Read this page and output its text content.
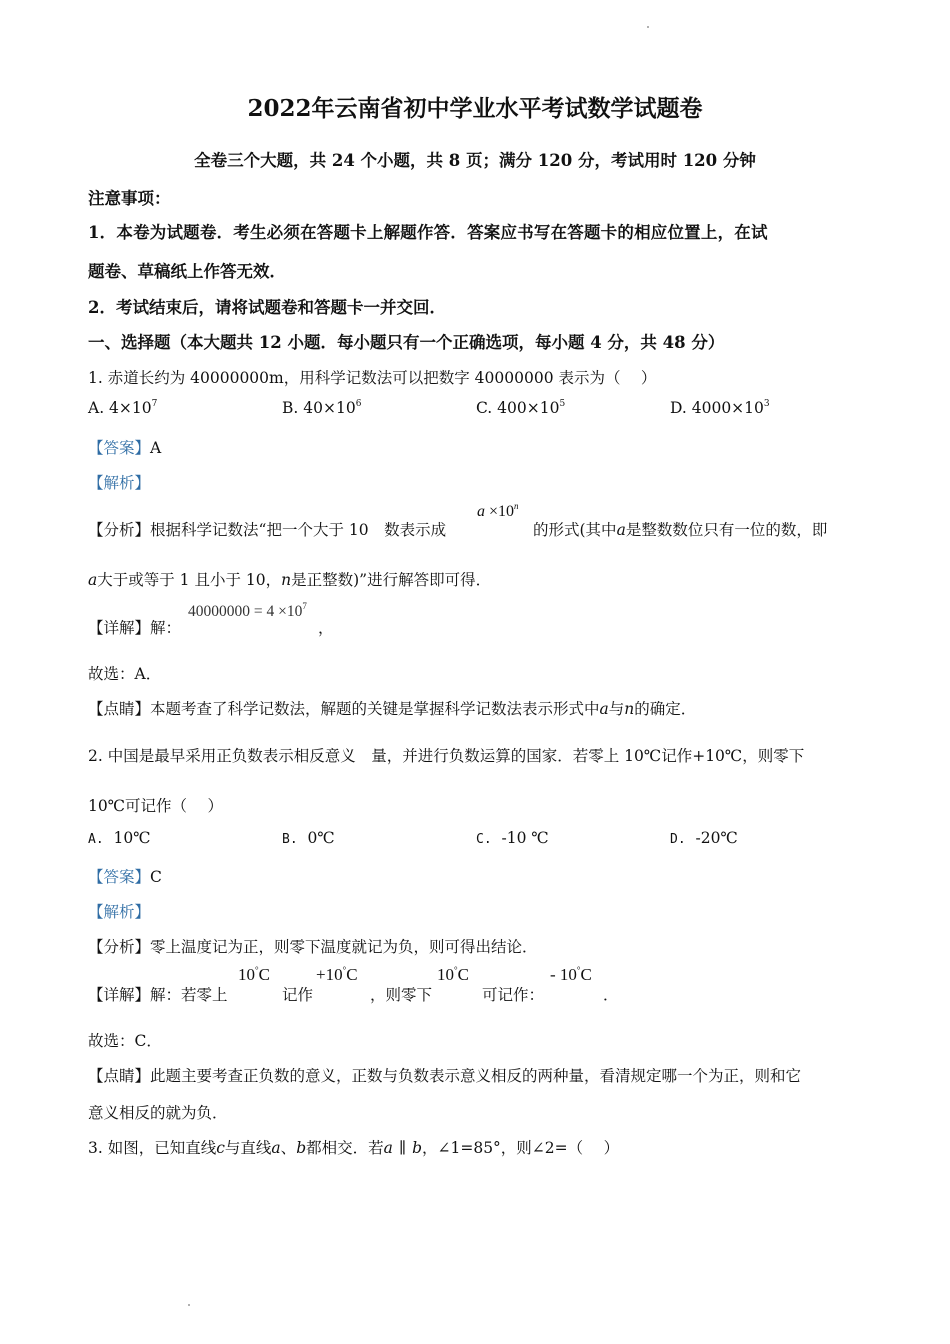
2022年云南省初中学业水平考试数学试题卷
全卷三个大题，共 24 个小题，共 8 页；满分 120 分，考试用时 120 分钟
注意事项：
1．本卷为试题卷．考生必须在答题卡上解题作答．答案应书写在答题卡的相应位置上，在试
题卷、草稿纸上作答无效．
2．考试结束后，请将试题卷和答题卡一并交回．
一、选择题（本大题共 12 小题．每小题只有一个正确选项，每小题 4 分，共 48 分）
1. 赤道长约为 40000000m，用科学记数法可以把数字 40000000 表示为（　 ）
A. $4\times 10^7$	B. $40\times 10^6$	C. $400\times 10^5$	D. $4000\times 10^3$
【答案】A
【解析】
【分析】根据科学记数法“把一个大于 10　数表示成
$a \times 10^n$
的形式(其中a是整数数位只有一位的数，即
a大于或等于 1 且小于 10，n是正整数)”进行解答即可得．
【详解】解：
$40000000 = 4 \times 10^7$
，
故选：A．
【点睛】本题考查了科学记数法，解题的关键是掌握科学记数法表示形式中a与n的确定．
2. 中国是最早采用正负数表示相反意义　量，并进行负数运算的国家．若零上 10℃记作+10℃，则零下
10℃可记作（　 ）
A. 10℃	B. 0℃	C. -10 ℃	D. -20℃
【答案】C
【解析】
【分析】零上温度记为正，则零下温度就记为负，则可得出结论．
【详解】解：若零上
10°C
记作
+10°C
，则零下
10°C
可记作：
- 10°C
．
故选：C．
【点睛】此题主要考查正负数的意义，正数与负数表示意义相反的两种量，看清规定哪一个为正，则和它
意义相反的就为负．
3. 如图，已知直线c与直线a、b都相交．若a ∥ b，∠1=85°，则∠2=（　 ）
